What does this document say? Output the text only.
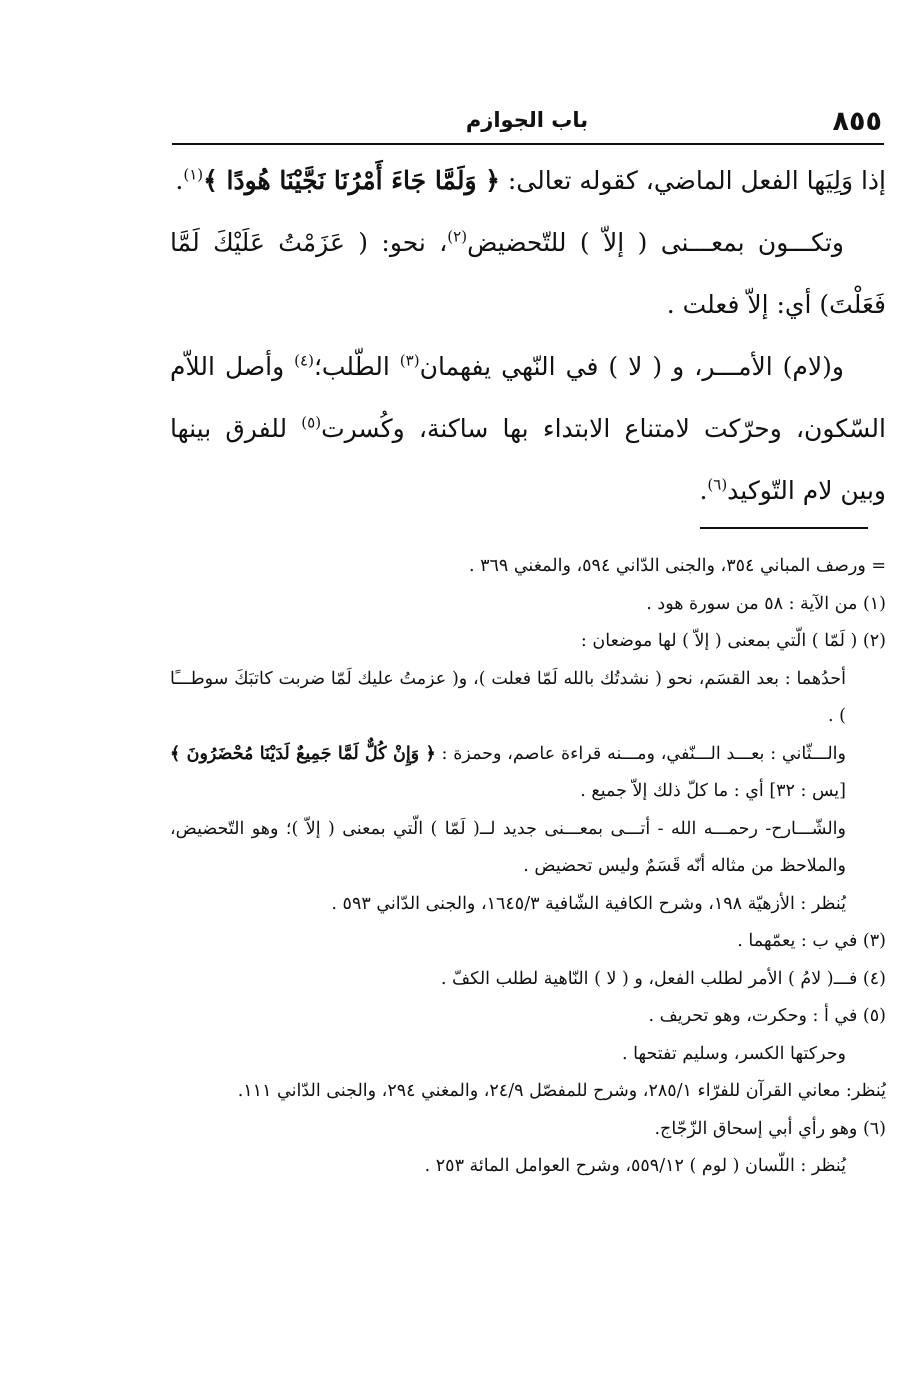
٨٥٥
باب الجوازم

إذا وَلِيَها الفعل الماضي، كقوله تعالى: ﴿ وَلَمَّا جَاءَ أَمْرُنَا نَجَّيْنَا هُودًا ﴾$^{(١)}$.

وتكـــون بمعـــنى ( إلاّ ) للتّحضيض$^{(٢)}$، نحو: ( عَزَمْتُ عَلَيْكَ لَمَّا فَعَلْتَ) أي: إلاّ فعلت .

و(لام) الأمـــر، و ( لا ) في النّهي يفهمان$^{(٣)}$ الطّلب؛$^{(٤)}$ وأصل اللاّم السّكون، وحرّكت لامتناع الابتداء بها ساكنة، وكُسرت$^{(٥)}$ للفرق بينها وبين لام التّوكيد$^{(٦)}$.

= ورصف المباني ٣٥٤، والجنى الدّاني ٥٩٤، والمغني ٣٦٩ .

(١) من الآية : ٥٨ من سورة هود .

(٢) ( لَمّا ) الّتي بمعنى ( إلاّ ) لها موضعان :

أحدُهما : بعد القسَم، نحو ( نشدتُك بالله لَمّا فعلت )، و( عزمتُ عليك لَمّا ضربت كاتبَكَ سوطـــًا ) .

والـــثّاني : بعـــد الـــنّفي، ومـــنه قراءة عاصم، وحمزة : ﴿ وَإِنْ كُلٌّ لَمَّا جَمِيعٌ لَدَيْنَا مُحْضَرُونَ ﴾ [يس : ٣٢] أي : ما كلّ ذلك إلاّ جميع .

والشّـــارح- رحمـــه الله - أتـــى بمعـــنى جديد لــ( لَمّا ) الّتي بمعنى ( إلاّ )؛ وهو التّحضيض، والملاحظ من مثاله أنّه قَسَمٌ وليس تحضيض .

يُنظر : الأزهيّة ١٩٨، وشرح الكافية الشّافية ١٦٤٥/٣، والجنى الدّاني ٥٩٣ .

(٣) في ب : يعمّهما .

(٤) فـــ( لامُ ) الأمر لطلب الفعل، و ( لا ) النّاهية لطلب الكفّ .

(٥) في أ : وحكرت، وهو تحريف .

وحركتها الكسر، وسليم تفتحها .

يُنظر: معاني القرآن للفرّاء ٢٨٥/١، وشرح للمفصّل ٢٤/٩، والمغني ٢٩٤، والجنى الدّاني ١١١.

(٦) وهو رأي أبي إسحاق الزّجّاج.

يُنظر : اللّسان ( لوم ) ٥٥٩/١٢، وشرح العوامل المائة ٢٥٣ .
